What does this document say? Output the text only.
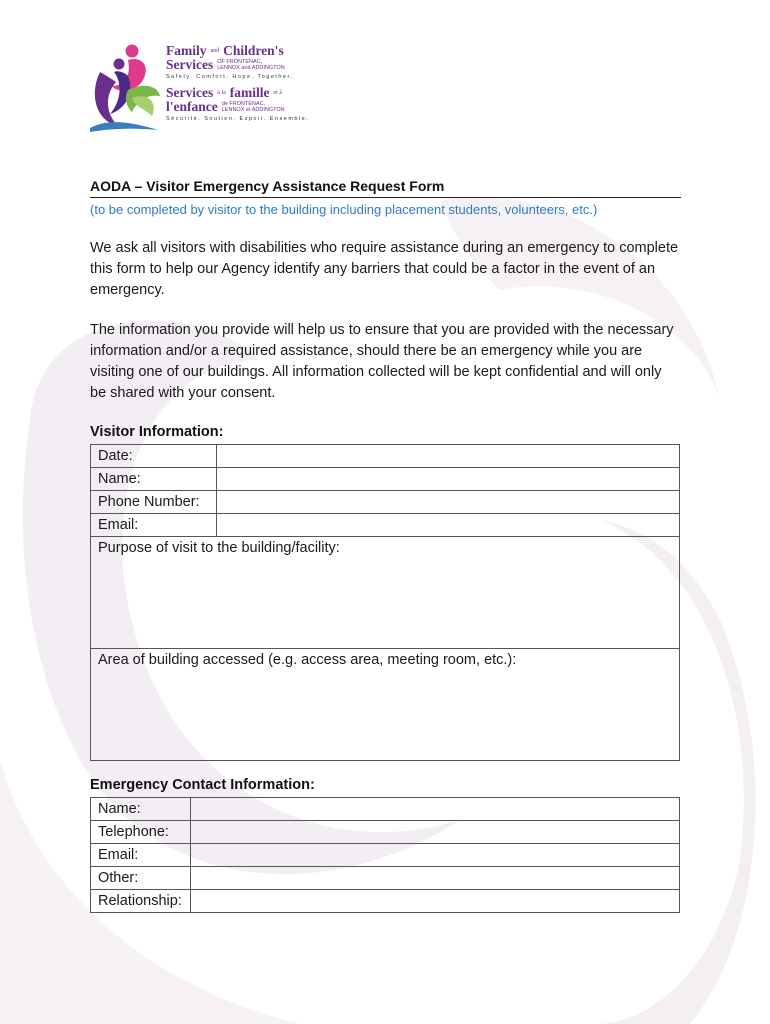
Family and Children's
Services OF FRONTENAC,
LENNOX and ADDINGTON
Safety. Comfort. Hope. Together.
Services à la famille et à
l'enfance de FRONTENAC,
LENNOX et ADDINGTON
Sécurité. Soutien. Espoir. Ensemble.
AODA – Visitor Emergency Assistance Request Form
(to be completed by visitor to the building including placement students, volunteers, etc.)
We ask all visitors with disabilities who require assistance during an emergency to complete this form to help our Agency identify any barriers that could be a factor in the event of an emergency.
The information you provide will help us to ensure that you are provided with the necessary information and/or a required assistance, should there be an emergency while you are visiting one of our buildings. All information collected will be kept confidential and will only be shared with your consent.
Visitor Information:
Date:	
Name:	
Phone Number:	
Email:	
Purpose of visit to the building/facility:	
Area of building accessed (e.g. access area, meeting room, etc.):	
Emergency Contact Information:
Name:	
Telephone:	
Email:	
Other:	
Relationship:	
